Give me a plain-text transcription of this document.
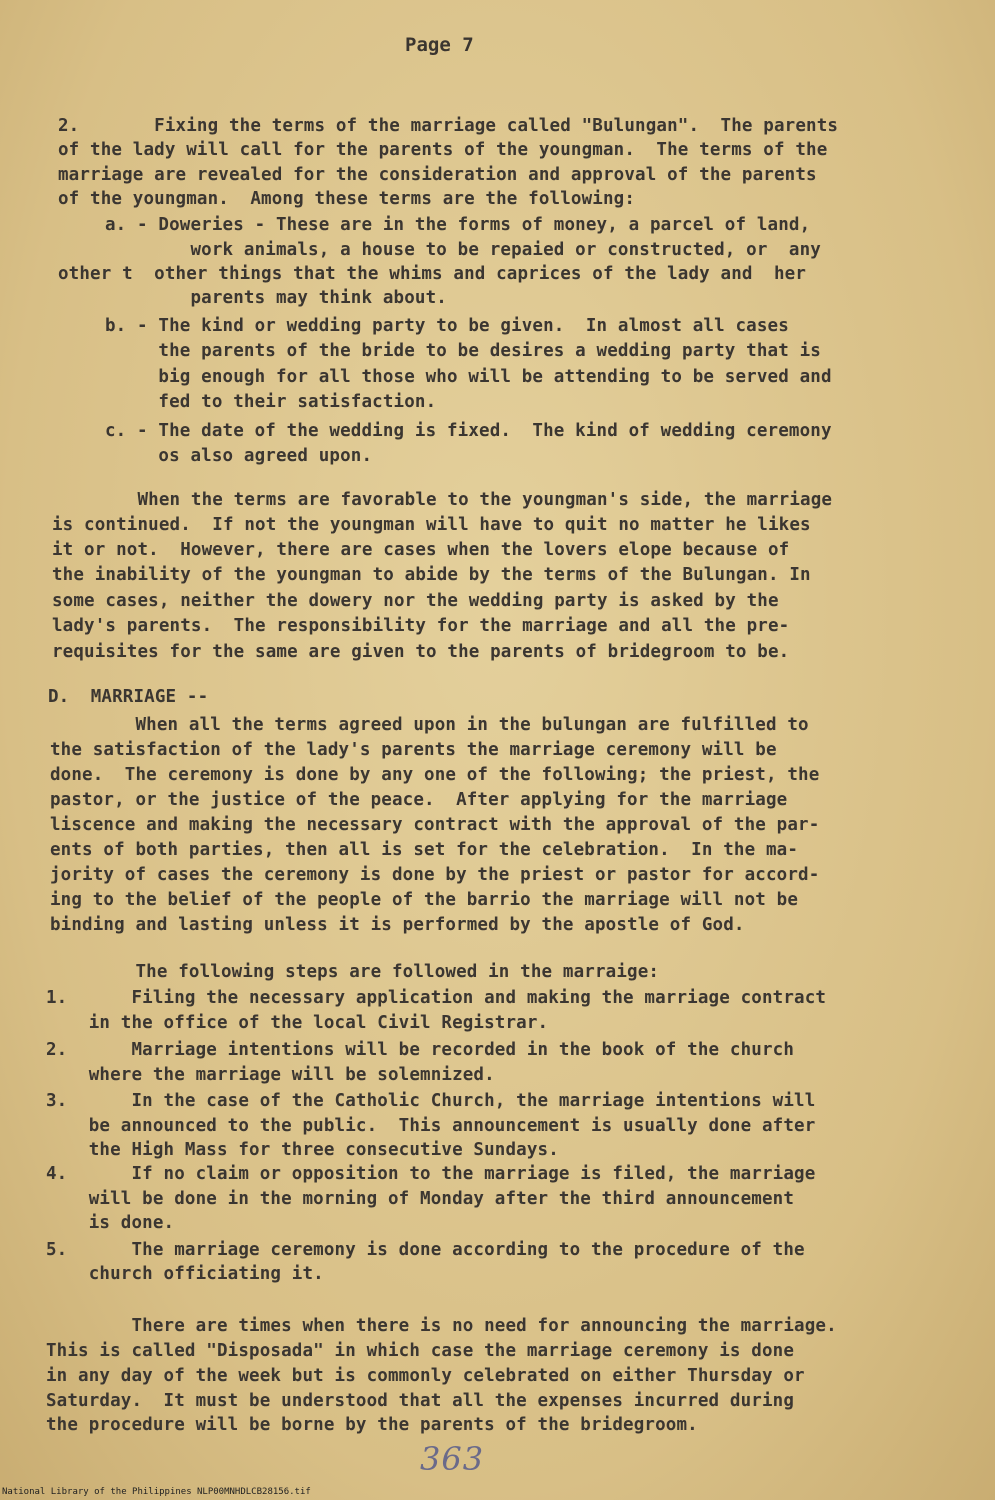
Page 7
2.       Fixing the terms of the marriage called "Bulungan".  The parents
of the lady will call for the parents of the youngman.  The terms of the
marriage are revealed for the consideration and approval of the parents
of the youngman.  Among these terms are the following:
a. - Doweries - These are in the forms of money, a parcel of land,
work animals, a house to be repaied or constructed, or  any
other t  other things that the whims and caprices of the lady and  her
parents may think about.
b. - The kind or wedding party to be given.  In almost all cases
the parents of the bride to be desires a wedding party that is
big enough for all those who will be attending to be served and
fed to their satisfaction.
c. - The date of the wedding is fixed.  The kind of wedding ceremony
os also agreed upon.
When the terms are favorable to the youngman's side, the marriage
is continued.  If not the youngman will have to quit no matter he likes
it or not.  However, there are cases when the lovers elope because of
the inability of the youngman to abide by the terms of the Bulungan. In
some cases, neither the dowery nor the wedding party is asked by the
lady's parents.  The responsibility for the marriage and all the pre-
requisites for the same are given to the parents of bridegroom to be.
D.  MARRIAGE --
When all the terms agreed upon in the bulungan are fulfilled to
the satisfaction of the lady's parents the marriage ceremony will be
done.  The ceremony is done by any one of the following; the priest, the
pastor, or the justice of the peace.  After applying for the marriage
liscence and making the necessary contract with the approval of the par-
ents of both parties, then all is set for the celebration.  In the ma-
jority of cases the ceremony is done by the priest or pastor for accord-
ing to the belief of the people of the barrio the marriage will not be
binding and lasting unless it is performed by the apostle of God.
The following steps are followed in the marraige:
1.      Filing the necessary application and making the marriage contract
in the office of the local Civil Registrar.
2.      Marriage intentions will be recorded in the book of the church
where the marriage will be solemnized.
3.      In the case of the Catholic Church, the marriage intentions will
be announced to the public.  This announcement is usually done after
the High Mass for three consecutive Sundays.
4.      If no claim or opposition to the marriage is filed, the marriage
will be done in the morning of Monday after the third announcement
is done.
5.      The marriage ceremony is done according to the procedure of the
church officiating it.
There are times when there is no need for announcing the marriage.
This is called "Disposada" in which case the marriage ceremony is done
in any day of the week but is commonly celebrated on either Thursday or
Saturday.  It must be understood that all the expenses incurred during
the procedure will be borne by the parents of the bridegroom.
363
National Library of the Philippines NLP00MNHDLCB28156.tif
